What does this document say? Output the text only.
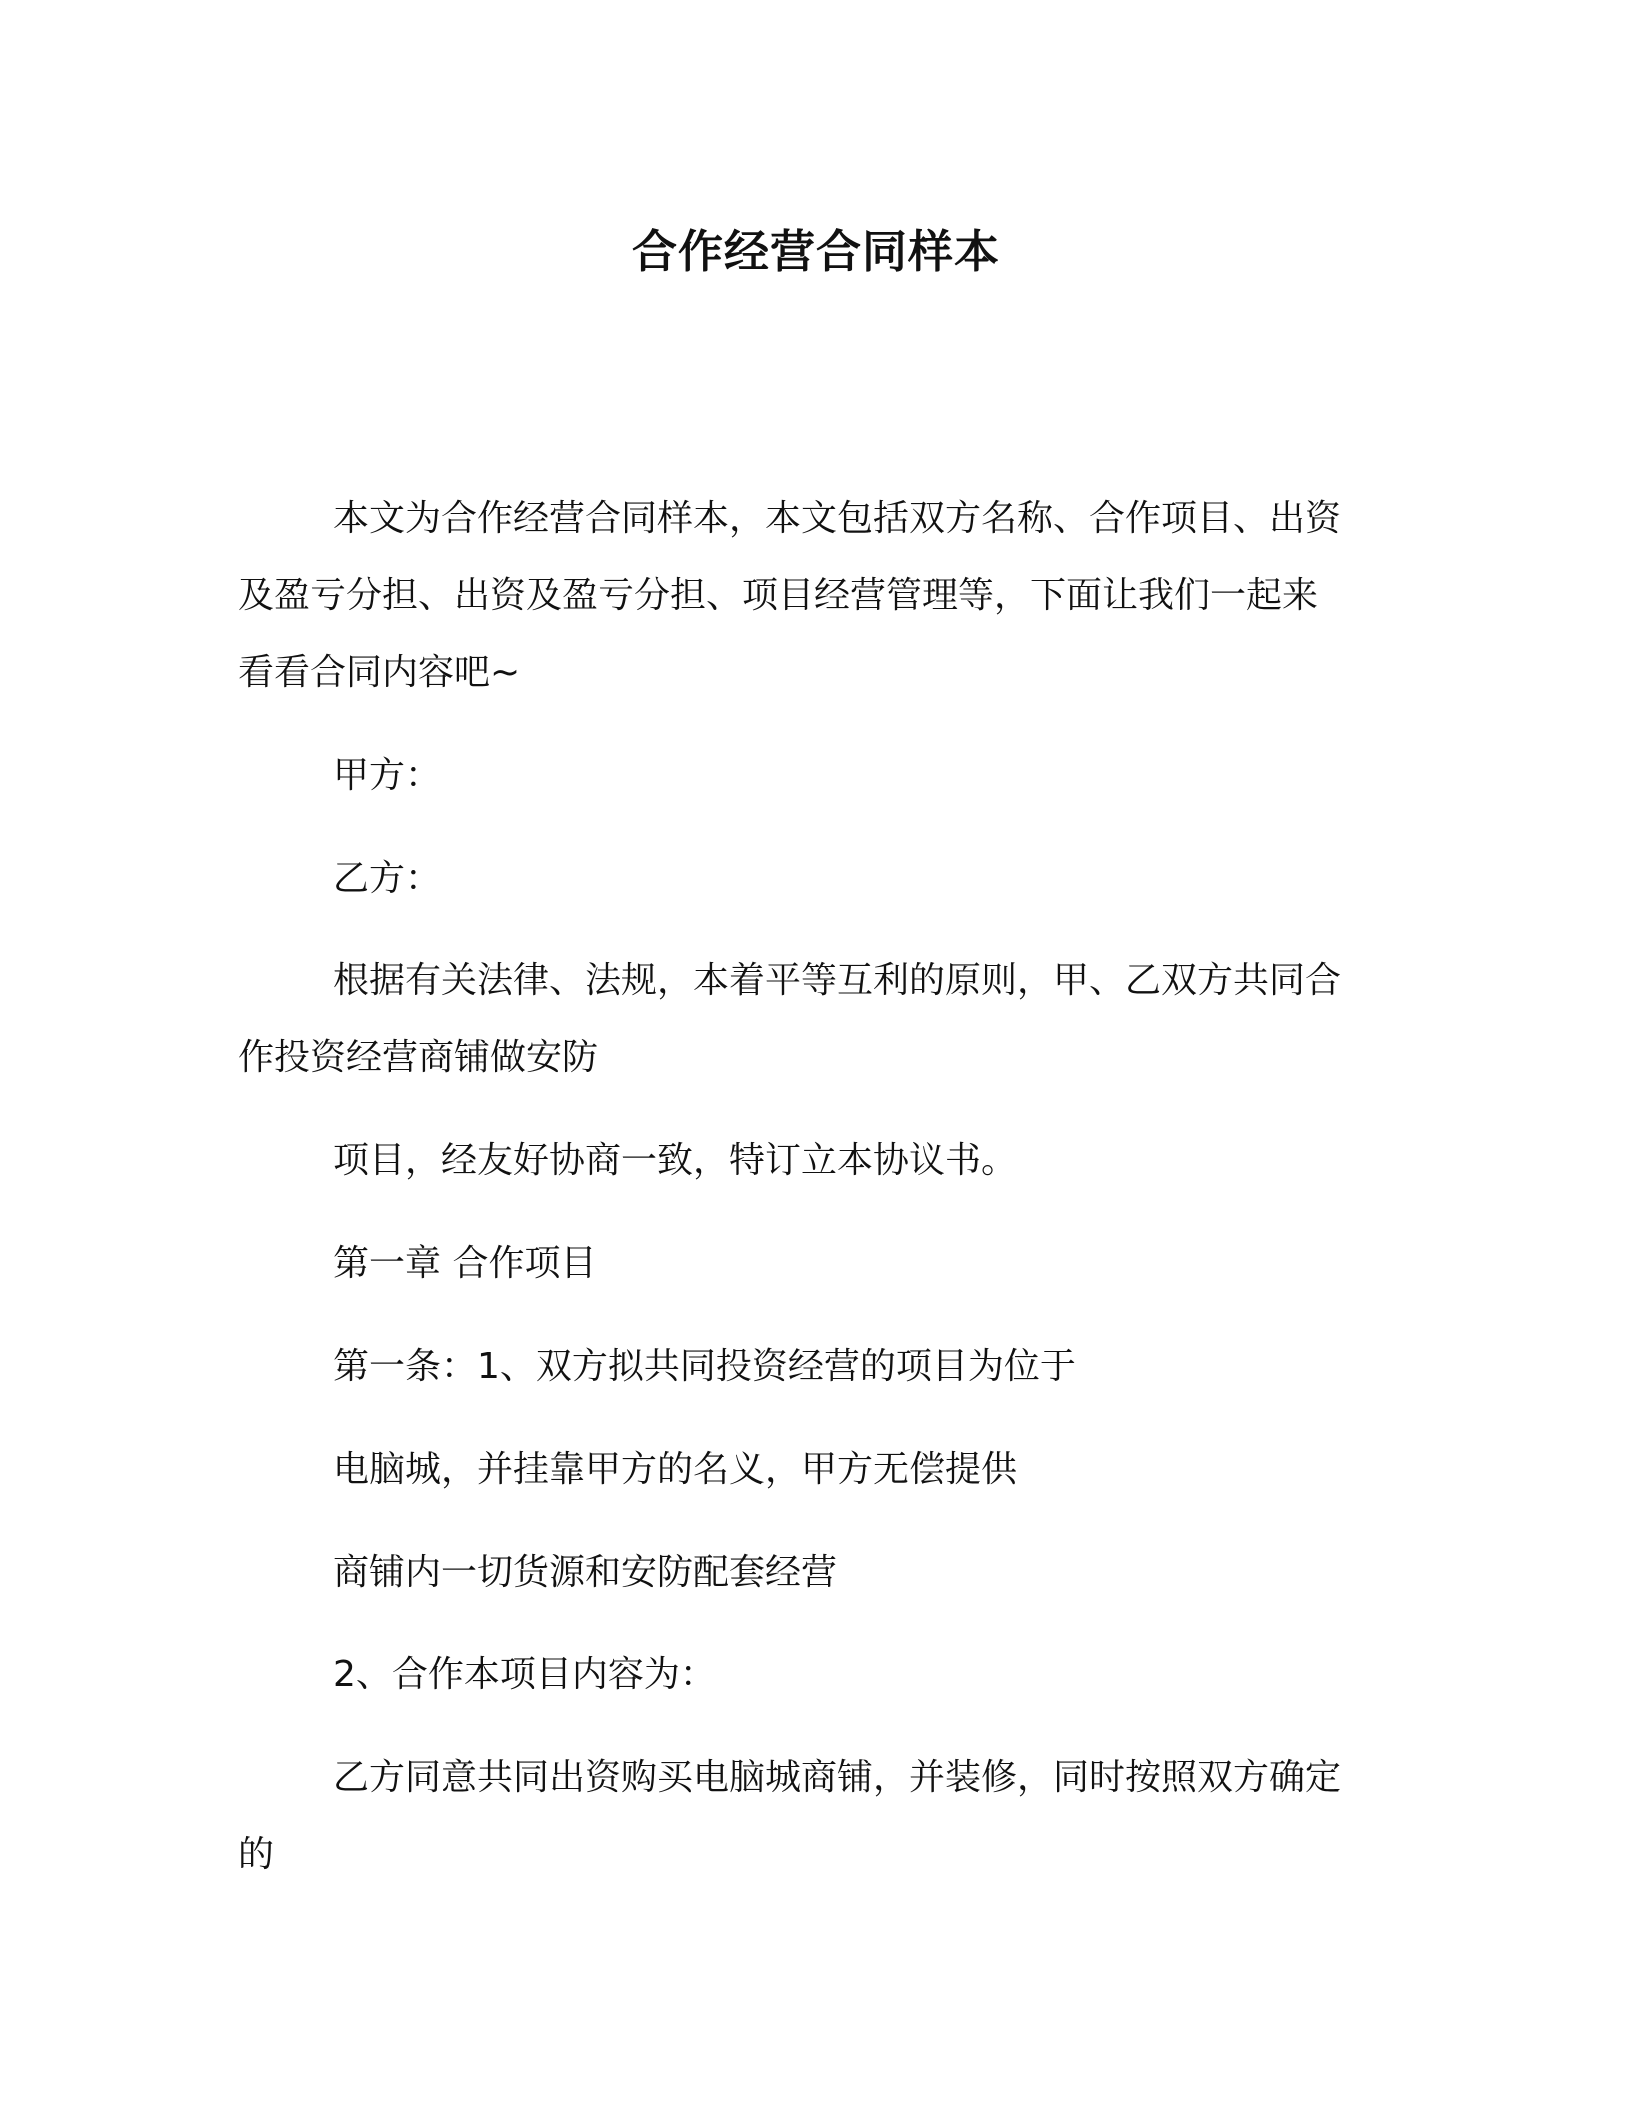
合作经营合同样本

本文为合作经营合同样本，本文包括双方名称、合作项目、出资

及盈亏分担、出资及盈亏分担、项目经营管理等，下面让我们一起来

看看合同内容吧~

甲方：

乙方：

根据有关法律、法规，本着平等互利的原则，甲、乙双方共同合

作投资经营商铺做安防

项目，经友好协商一致，特订立本协议书。

第一章 合作项目

第一条：1、双方拟共同投资经营的项目为位于

电脑城，并挂靠甲方的名义，甲方无偿提供

商铺内一切货源和安防配套经营

2、合作本项目内容为：

乙方同意共同出资购买电脑城商铺，并装修，同时按照双方确定

的
